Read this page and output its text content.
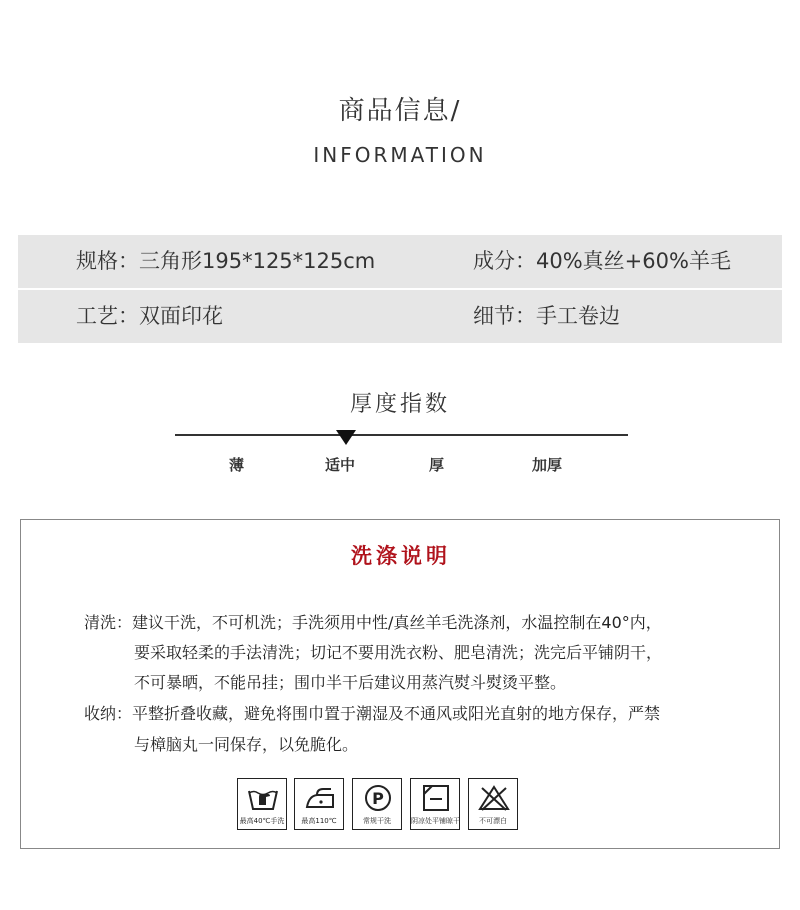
商品信息/
INFORMATION
规格：三角形195*125*125cm	成分：40%真丝+60%羊毛
工艺：双面印花	细节：手工卷边
厚度指数
薄	适中	厚	加厚
洗涤说明
清洗：建议干洗，不可机洗；手洗须用中性/真丝羊毛洗涤剂，水温控制在40°内，
要采取轻柔的手法清洗；切记不要用洗衣粉、肥皂清洗；洗完后平铺阴干，
不可暴晒，不能吊挂；围巾半干后建议用蒸汽熨斗熨烫平整。
收纳：平整折叠收藏，避免将围巾置于潮湿及不通风或阳光直射的地方保存，严禁
与樟脑丸一同保存，以免脆化。
最高40℃手洗	最高110℃
P
常规干洗	阴凉处平铺晾干	不可漂白
